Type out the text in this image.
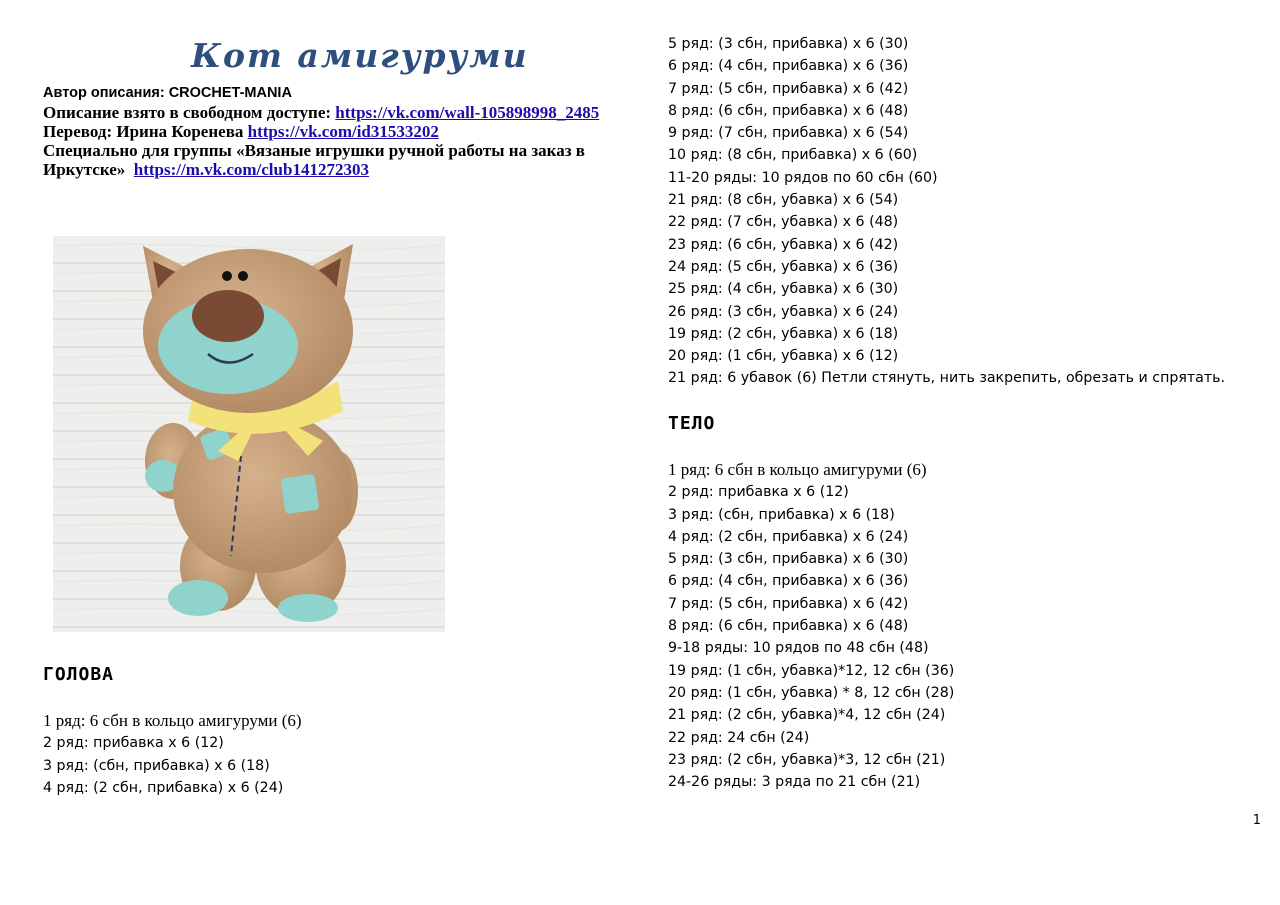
Кот амигуруми
Автор описания: CROCHET-MANIA
Описание взято в свободном доступе: https://vk.com/wall-105898998_2485
Перевод: Ирина Коренева https://vk.com/id31533202
Специально для группы «Вязаные игрушки ручной работы на заказ в Иркутске» https://m.vk.com/club141272303
ГОЛОВА
1 ряд: 6 сбн в кольцо амигуруми (6)
2 ряд: прибавка х 6 (12)
3 ряд: (сбн, прибавка) х 6 (18)
4 ряд: (2 сбн, прибавка) х 6 (24)
5 ряд: (3 сбн, прибавка) х 6 (30)
6 ряд: (4 сбн, прибавка) х 6 (36)
7 ряд: (5 сбн, прибавка) х 6 (42)
8 ряд: (6 сбн, прибавка) х 6 (48)
9 ряд: (7 сбн, прибавка) х 6 (54)
10 ряд: (8 сбн, прибавка) х 6 (60)
11-20 ряды: 10 рядов по 60 сбн (60)
21 ряд: (8 сбн, убавка) х 6 (54)
22 ряд: (7 сбн, убавка) х 6 (48)
23 ряд: (6 сбн, убавка) х 6 (42)
24 ряд: (5 сбн, убавка) х 6 (36)
25 ряд: (4 сбн, убавка) х 6 (30)
26 ряд: (3 сбн, убавка) х 6 (24)
19 ряд: (2 сбн, убавка) х 6 (18)
20 ряд: (1 сбн, убавка) х 6 (12)
21 ряд: 6 убавок (6) Петли стянуть, нить закрепить, обрезать и спрятать.
ТЕЛО
1 ряд: 6 сбн в кольцо амигуруми (6)
2 ряд: прибавка х 6 (12)
3 ряд: (сбн, прибавка) х 6 (18)
4 ряд: (2 сбн, прибавка) х 6 (24)
5 ряд: (3 сбн, прибавка) х 6 (30)
6 ряд: (4 сбн, прибавка) х 6 (36)
7 ряд: (5 сбн, прибавка) х 6 (42)
8 ряд: (6 сбн, прибавка) х 6 (48)
9-18 ряды: 10 рядов по 48 сбн (48)
19 ряд: (1 сбн, убавка)*12, 12 сбн (36)
20 ряд: (1 сбн, убавка) * 8, 12 сбн (28)
21 ряд: (2 сбн, убавка)*4, 12 сбн (24)
22 ряд: 24 сбн (24)
23 ряд: (2 сбн, убавка)*3, 12 сбн (21)
24-26 ряды: 3 ряда по 21 сбн (21)
1
